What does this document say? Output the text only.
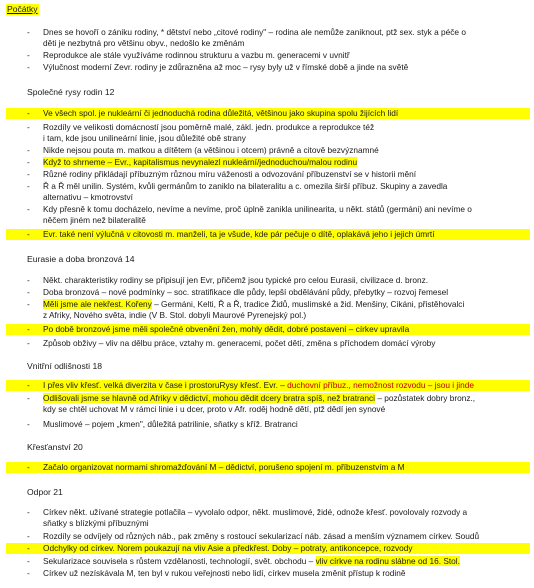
Počátky
- Dnes se hovoří o zániku rodiny, * dětství nebo „citové rodiny" – rodina ale nemůže zaniknout, ptž sex. styk a péče o
děti je nezbytná pro většinu obyv., nedošlo ke změnám
- Reprodukce ale stále využíváme rodinnou strukturu a vazbu m. generacemi v uvnitř
- Výlučnost moderní Zevr. rodiny je zdůrazněna až moc – rysy byly už v římské době a jinde na světě
Společné rysy rodin 12
- Ve všech spol. je nukleární či jednoduchá rodina důležitá, většinou jako skupina spolu žijících lidí
- Rozdíly ve velikosti domácností jsou poměrně malé, zákl. jedn. produkce a reprodukce též
i tam, kde jsou unilineární linie, jsou důležité obě strany
- Nikde nejsou pouta m. matkou a dítětem (a většinou i otcem) právně a citově bezvýznamné
- Když to shrneme – Evr., kapitalismus nevynalezl nukleární/jednoduchou/malou rodinu
- Různé rodiny přikládají příbuzným různou míru váženosti a odvozování příbuzenství se v historii mění
- Ř a Ř měl unilin. Systém, kvůli germánům to zaniklo na bilateralitu a c. omezila širší příbuz. Skupiny a zavedla
alternativu – kmotrovství
- Kdy přesně k tomu docházelo, nevíme a nevíme, proč úplně zanikla unilinearita, u někt. států (germáni) ani nevíme o
něčem jiném než bilateralitě
- Evr. také není výlučná v citovosti m. manželi, ta je všude, kde pár pečuje o dítě, oplakává jeho i jejich úmrtí
Eurasie a doba bronzová 14
- Někt. charakteristiky rodiny se připisují jen Evr, přičemž jsou typické pro celou Eurasii, civilizace d. bronz.
- Doba bronzová – nové podmínky – soc. stratifikace dle půdy, lepší obdělávání půdy, přebytky – rozvoj řemesel
- Měli jsme ale nekřest. Kořeny – Germáni, Kelti, Ř a Ř, tradice Židů, muslimské a žid. Menšiny, Cikáni, přistěhovalci
z Afriky, Nového světa, indie (V B. Stol. dobyli Maurové Pyrenejský pol.)
- Po době bronzové jsme měli společné obvenění žen, mohly dědit, dobré postavení – církev upravila
- Způsob obživy – vliv na dělbu práce, vztahy m. generacemi, počet dětí, změna s příchodem domácí výroby
Vnitřní odlišnosti 18
- I přes vliv křesť. velká diverzita v čase i prostoruRysy křesť. Evr. – duchovní příbuz., nemožnost rozvodu – jsou i jinde
- Odlišovali jsme se hlavně od Afriky v dědictví, mohou dědit dcery bratra spíš, než bratranci – pozůstatek dobry bronz.,
kdy se chtěl uchovat M v rámci linie i u dcer, proto v Afr. roděj hodně dětí, ptž dědí jen synové
- Muslimové – pojem „kmen", důležitá patrilinie, sňatky s kříž. Bratranci
Křesťanství 20
- Začalo organizovat normami shromažďování M – dědictví, porušeno spojení m. příbuzenstvím a M
Odpor 21
- Církev někt. užívané strategie potlačila – vyvolalo odpor, někt. muslimové, židé, odnože křesť. povolovaly rozvody a
sňatky s blízkými příbuznými
- Rozdíly se odvíjely od různých náb., pak změny s rostoucí sekularizací náb. zásad a menším významem církev. Soudů
- Odchylky od církev. Norem poukazují na vliv Asie a předkřest. Doby – potraty, antikoncepce, rozvody
- Sekularizace souvisela s růstem vzdělanosti, technologií, svět. obchodu – vliv církve na rodinu slábne od 16. Stol.
- Církev už nezískávala M, ten byl v rukou veřejnosti nebo lidí, církev musela změnit přístup k rodině
